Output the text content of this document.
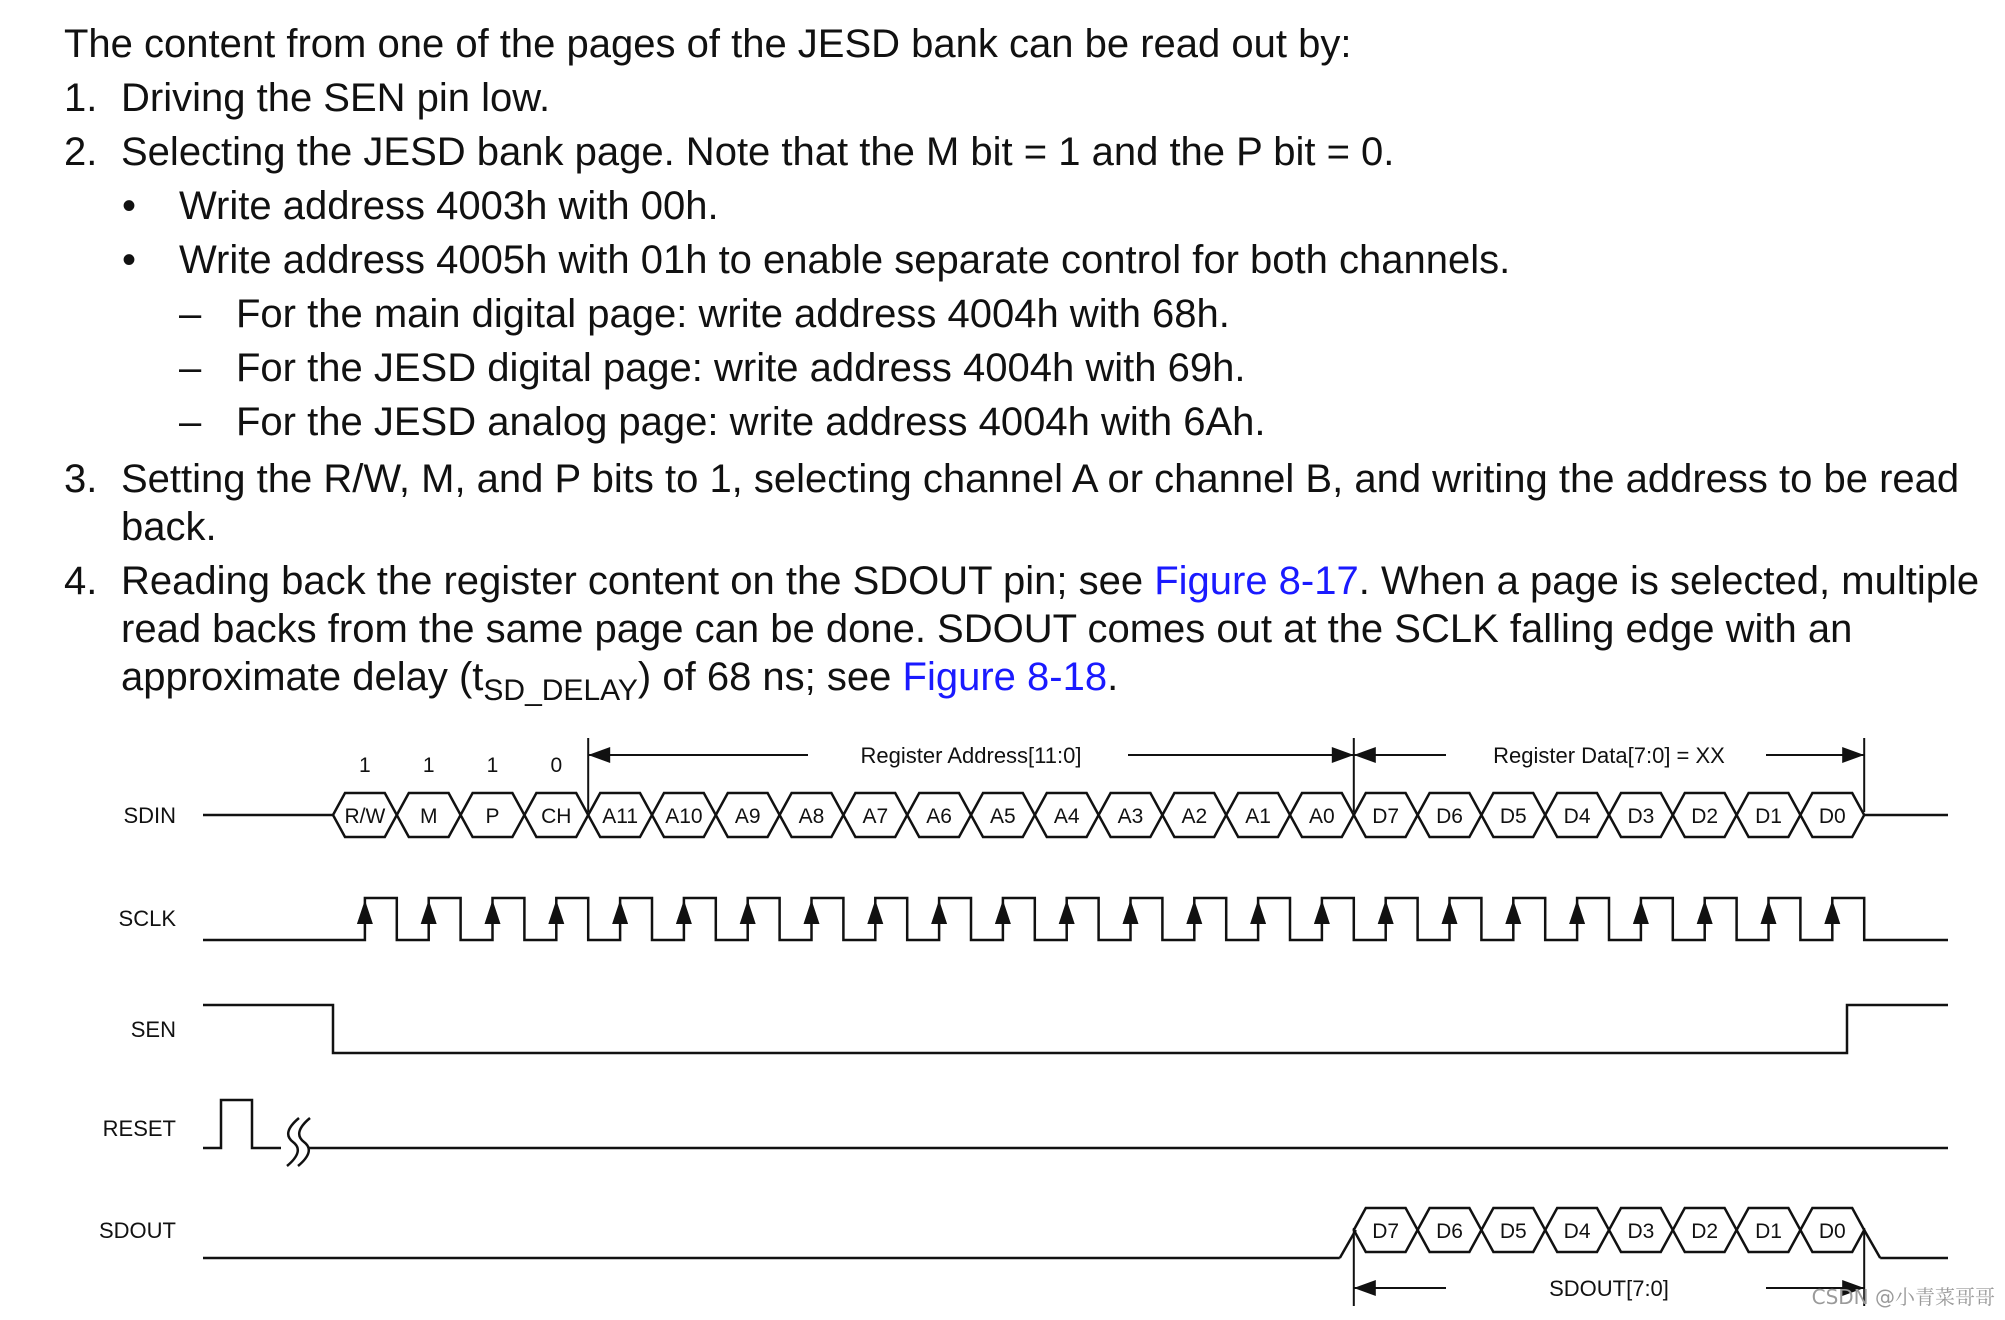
The content from one of the pages of the JESD bank can be read out by:
1. Driving the SEN pin low.
2. Selecting the JESD bank page. Note that the M bit = 1 and the P bit = 0.
• Write address 4003h with 00h.
• Write address 4005h with 01h to enable separate control for both channels.
– For the main digital page: write address 4004h with 68h.
– For the JESD digital page: write address 4004h with 69h.
– For the JESD analog page: write address 4004h with 6Ah.
3. Setting the R/W, M, and P bits to 1, selecting channel A or channel B, and writing the address to be read
back.
4. Reading back the register content on the SDOUT pin; see Figure 8-17. When a page is selected, multiple
read backs from the same page can be done. SDOUT comes out at the SCLK falling edge with an
approximate delay $(t_{SD\_DELAY})$ of 68 ns; see Figure 8-18.
SDIN
SCLK
SEN
RESET
SDOUT
R/W M P CH A11 A10 A9 A8 A7 A6 A5 A4 A3 A2 A1 A0 D7 D6 D5 D4 D3 D2 D1 D0
1 1 1 0
D7 D6 D5 D4 D3 D2 D1 D0
Register Address[11:0]	Register Data[7:0] = XX
SDOUT[7:0]	CSDN @小青菜哥哥
